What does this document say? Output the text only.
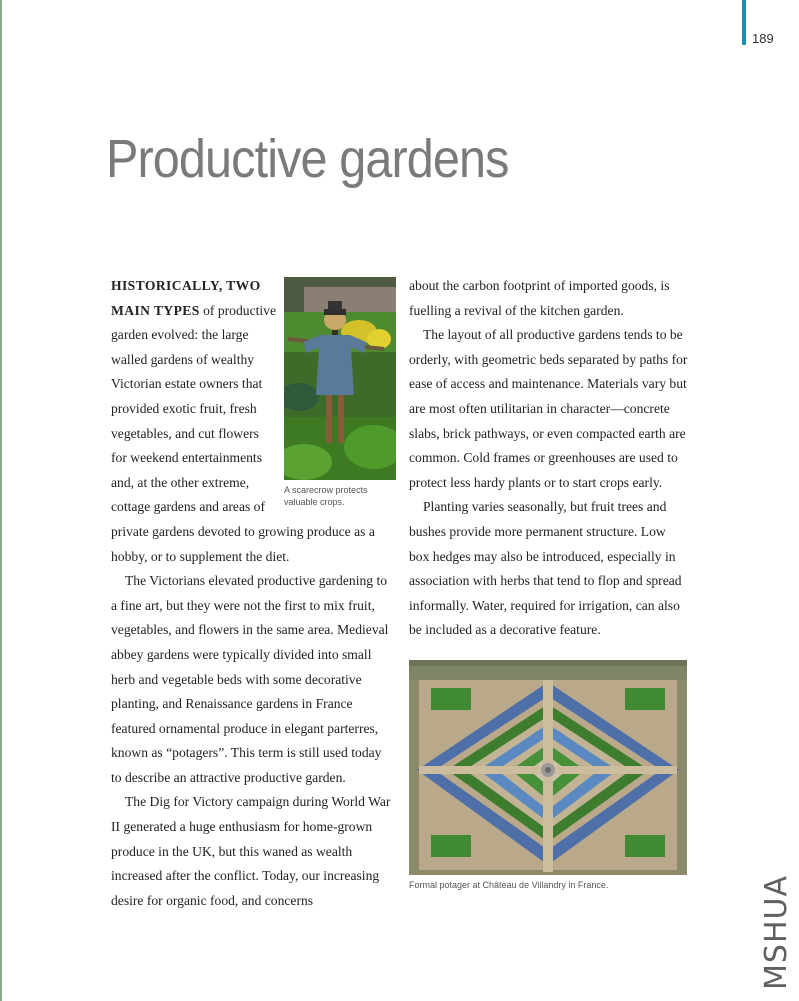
189
Productive gardens

A scarecrow protects valuable crops.
HISTORICALLY, TWO MAIN TYPES of productive garden evolved: the large walled gardens of wealthy Victorian estate owners that provided exotic fruit, fresh vegetables, and cut flowers for weekend entertainments and, at the other extreme, cottage gardens and areas of private gardens devoted to growing produce as a hobby, or to supplement the diet.

The Victorians elevated productive gardening to a fine art, but they were not the first to mix fruit, vegetables, and flowers in the same area. Medieval abbey gardens were typically divided into small herb and vegetable beds with some decorative planting, and Renaissance gardens in France featured ornamental produce in elegant parterres, known as “potagers”. This term is still used today to describe an attractive productive garden.

The Dig for Victory campaign during World War II generated a huge enthusiasm for home-grown produce in the UK, but this waned as wealth increased after the conflict. Today, our increasing desire for organic food, and concerns

about the carbon footprint of imported goods, is fuelling a revival of the kitchen garden.

The layout of all productive gardens tends to be orderly, with geometric beds separated by paths for ease of access and maintenance. Materials vary but are most often utilitarian in character—concrete slabs, brick pathways, or even compacted earth are common. Cold frames or greenhouses are used to protect less hardy plants or to start crops early.

Planting varies seasonally, but fruit trees and bushes provide more permanent structure. Low box hedges may also be introduced, especially in association with herbs that tend to flop and spread informally. Water, required for irrigation, can also be included as a decorative feature.

Formal potager at Château de Villandry in France.	MSHUA
